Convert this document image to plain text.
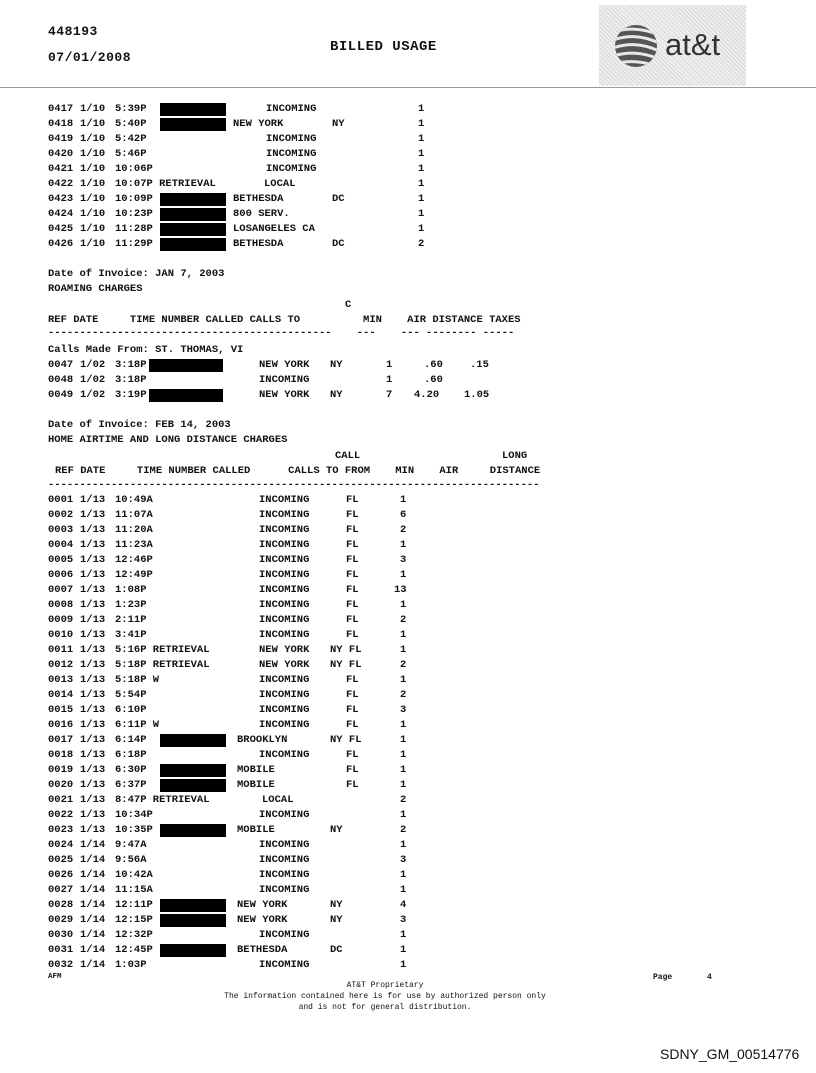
448193
07/01/2008
BILLED USAGE	at&t
0417 1/10 5:39P	INCOMING	1
0418 1/10 5:40P	NEW YORK	NY	1
0419 1/10 5:42P	INCOMING	1
0420 1/10 5:46P	INCOMING	1
0421 1/10 10:06P	INCOMING	1
0422 1/10 10:07P RETRIEVAL	LOCAL	1
0423 1/10 10:09P	BETHESDA	DC	1
0424 1/10 10:23P	800 SERV.	1
0425 1/10 11:28P	LOSANGELES CA	1
0426 1/10 11:29P	BETHESDA	DC	2
Date of Invoice: JAN 7, 2003
ROAMING CHARGES
C
REF DATE     TIME NUMBER CALLED CALLS TO          MIN    AIR DISTANCE TAXES
---------------------------------------------    ---    --- -------- -----
Calls Made From: ST. THOMAS, VI
0047 1/02 3:18P	NEW YORK NY	1	.60	.15
0048 1/02 3:18P	INCOMING	1	.60
0049 1/02 3:19P	NEW YORK NY	7 4.20 1.05
Date of Invoice: FEB 14, 2003
HOME AIRTIME AND LONG DISTANCE CHARGES
CALL	LONG
REF DATE     TIME NUMBER CALLED      CALLS TO FROM    MIN    AIR     DISTANCE
------------------------------------------------------------------------------
0001 1/13 10:49A	INCOMING	FL	1
0002 1/13 11:07A	INCOMING	FL	6
0003 1/13 11:20A	INCOMING	FL	2
0004 1/13 11:23A	INCOMING	FL	1
0005 1/13 12:46P	INCOMING	FL	3
0006 1/13 12:49P	INCOMING	FL	1
0007 1/13 1:08P	INCOMING	FL	13
0008 1/13 1:23P	INCOMING	FL	1
0009 1/13 2:11P	INCOMING	FL	2
0010 1/13 3:41P	INCOMING	FL	1
0011 1/13 5:16P RETRIEVAL	NEW YORK NY FL	1
0012 1/13 5:18P RETRIEVAL	NEW YORK NY FL	2
0013 1/13 5:18P W	INCOMING	FL	1
0014 1/13 5:54P	INCOMING	FL	2
0015 1/13 6:10P	INCOMING	FL	3
0016 1/13 6:11P W	INCOMING	FL	1
0017 1/13 6:14P	BROOKLYN	NY FL	1
0018 1/13 6:18P	INCOMING	FL	1
0019 1/13 6:30P	MOBILE	FL	1
0020 1/13 6:37P	MOBILE	FL	1
0021 1/13 8:47P RETRIEVAL	LOCAL	2
0022 1/13 10:34P	INCOMING	1
0023 1/13 10:35P	MOBILE	NY	2
0024 1/14 9:47A	INCOMING	1
0025 1/14 9:56A	INCOMING	3
0026 1/14 10:42A	INCOMING	1
0027 1/14 11:15A	INCOMING	1
0028 1/14 12:11P	NEW YORK	NY	4
0029 1/14 12:15P	NEW YORK	NY	3
0030 1/14 12:32P	INCOMING	1
0031 1/14 12:45P	BETHESDA	DC	1
0032 1/14 1:03P	INCOMING	1
AFM
AT&T Proprietary
The information contained here is for use by authorized person only
and is not for general distribution.
Page	4
SDNY_GM_00514776
